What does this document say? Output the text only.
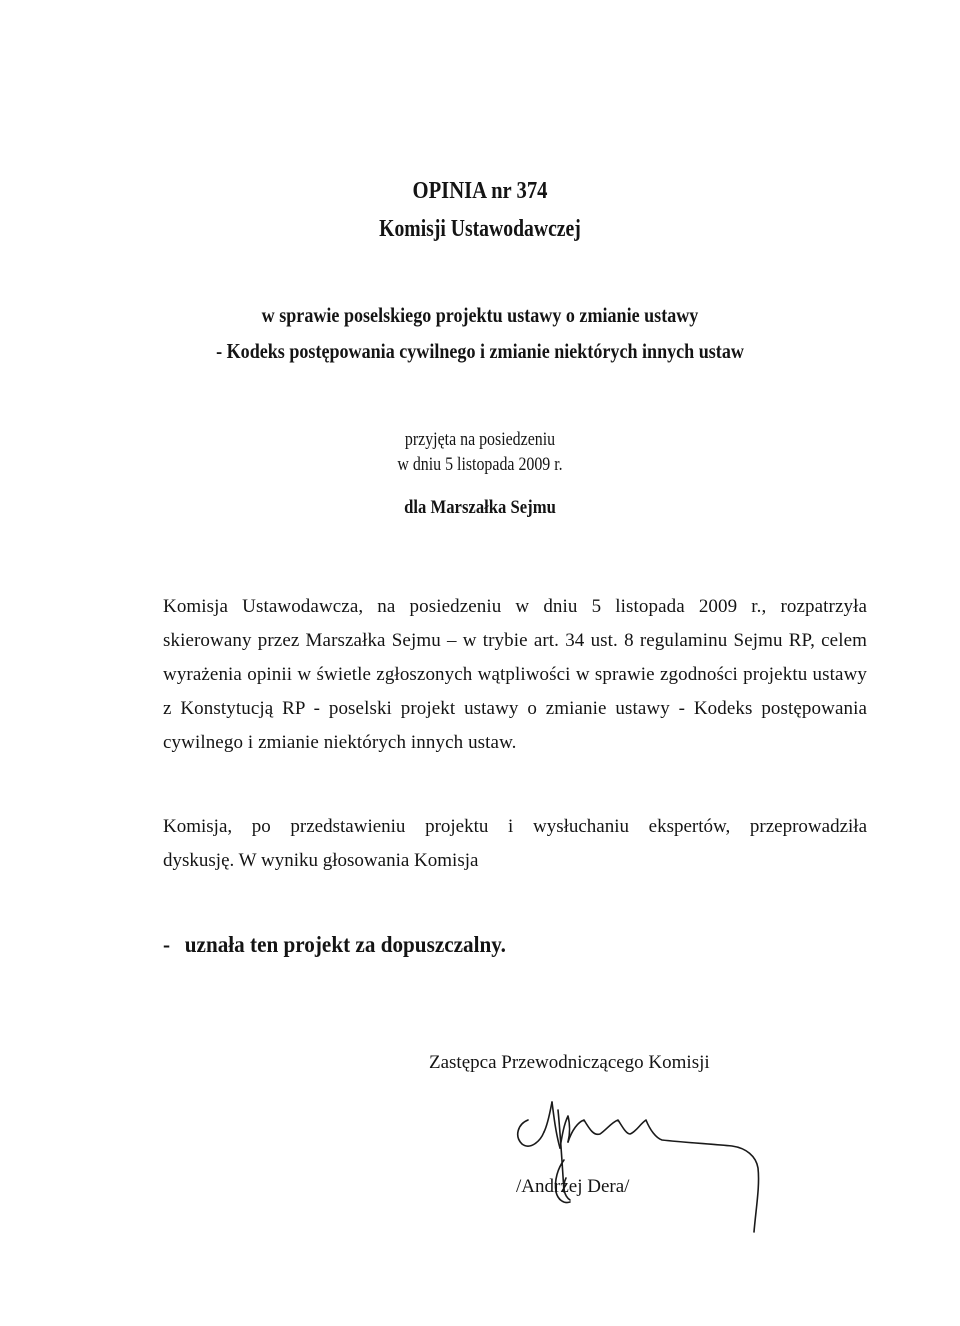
OPINIA nr 374
Komisji Ustawodawczej
w sprawie poselskiego projektu ustawy o zmianie ustawy
- Kodeks postępowania cywilnego i zmianie niektórych innych ustaw
przyjęta na posiedzeniu
w dniu 5 listopada 2009 r.
dla Marszałka Sejmu
Komisja Ustawodawcza, na posiedzeniu w dniu 5 listopada 2009 r., rozpatrzyła
skierowany przez Marszałka Sejmu – w trybie art. 34 ust. 8 regulaminu Sejmu RP, celem
wyrażenia opinii w świetle zgłoszonych wątpliwości w sprawie zgodności projektu ustawy
z Konstytucją RP - poselski projekt ustawy o zmianie ustawy - Kodeks postępowania
cywilnego i zmianie niektórych innych ustaw.
Komisja, po przedstawieniu projektu i wysłuchaniu ekspertów, przeprowadziła
dyskusję. W wyniku głosowania Komisja
- uznała ten projekt za dopuszczalny.
Zastępca Przewodniczącego Komisji
/Andrzej Dera/
